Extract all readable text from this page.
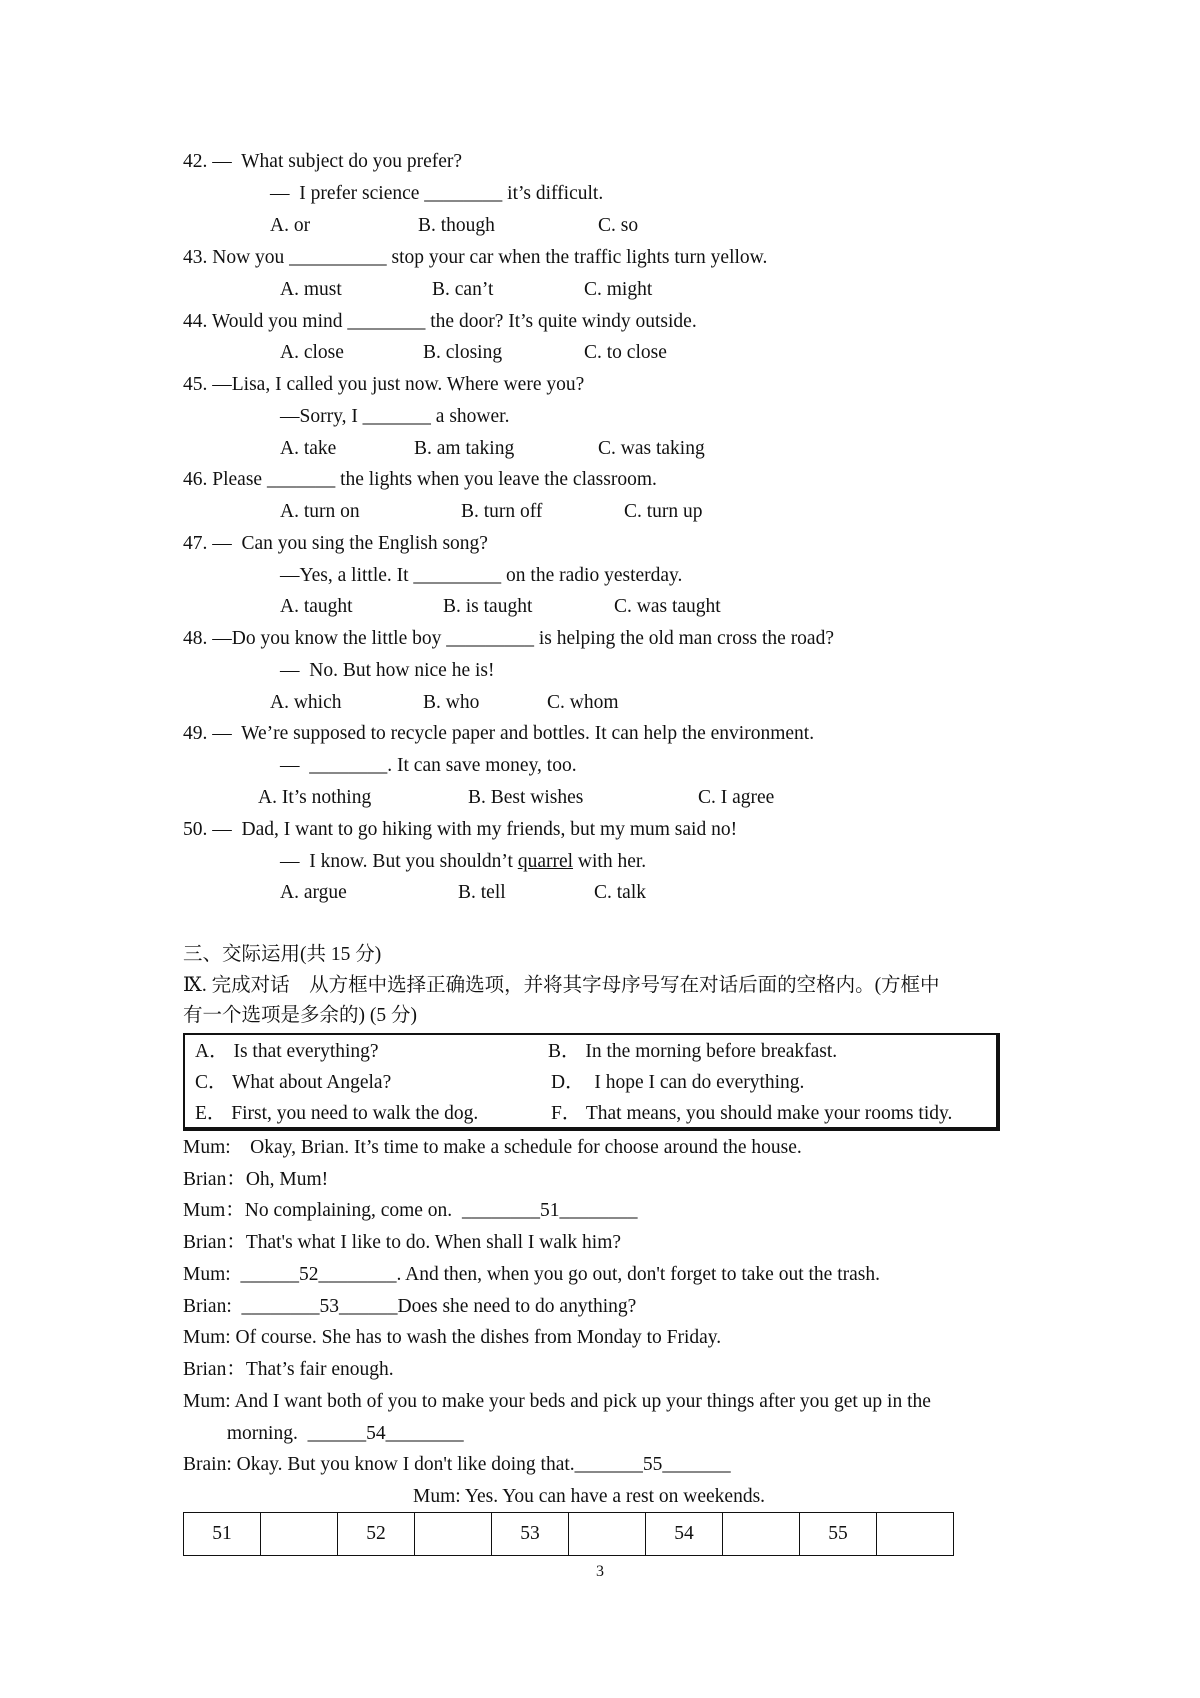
42. —  What subject do you prefer?
—  I prefer science ________ it’s difficult.
A. or	B. though	C. so
43. Now you __________ stop your car when the traffic lights turn yellow.
A. must	B. can’t	C. might
44. Would you mind ________ the door? It’s quite windy outside.
A. close	B. closing	C. to close
45. —Lisa, I called you just now. Where were you?
—Sorry, I _______ a shower.
A. take	B. am taking	C. was taking
46. Please _______ the lights when you leave the classroom.
A. turn on	B. turn off	C. turn up
47. —  Can you sing the English song?
—Yes, a little. It _________ on the radio yesterday.
A. taught	B. is taught	C. was taught
48. —Do you know the little boy _________ is helping the old man cross the road?
—  No. But how nice he is!
A. which	B. who	C. whom
49. —  We’re supposed to recycle paper and bottles. It can help the environment.
—  ________. It can save money, too.
A. It’s nothing	B. Best wishes	C. I agree
50. —  Dad, I want to go hiking with my friends, but my mum said no!
—  I know. But you shouldn’t quarrel with her.
A. argue	B. tell	C. talk
三、交际运用(共 15 分)
Ⅸ. 完成对话    从方框中选择正确选项，并将其字母序号写在对话后面的空格内。(方框中
有一个选项是多余的) (5 分)
A． Is that everything?	B． In the morning before breakfast.
C． What about Angela?	D．  I hope I can do everything.
E． First, you need to walk the dog.	F． That means, you should make your rooms tidy.
Mum:    Okay, Brian. It’s time to make a schedule for choose around the house.
Brian：Oh, Mum!
Mum：No complaining, come on.  ________51________
Brian：That's what I like to do. When shall I walk him?
Mum:  ______52________. And then, when you go out, don't forget to take out the trash.
Brian:  ________53______Does she need to do anything?
Mum: Of course. She has to wash the dishes from Monday to Friday.
Brian：That’s fair enough.
Mum: And I want both of you to make your beds and pick up your things after you get up in the
morning.  ______54________
Brain: Okay. But you know I don't like doing that._______55_______
Mum: Yes. You can have a rest on weekends.
51		52		53		54		55	
3
